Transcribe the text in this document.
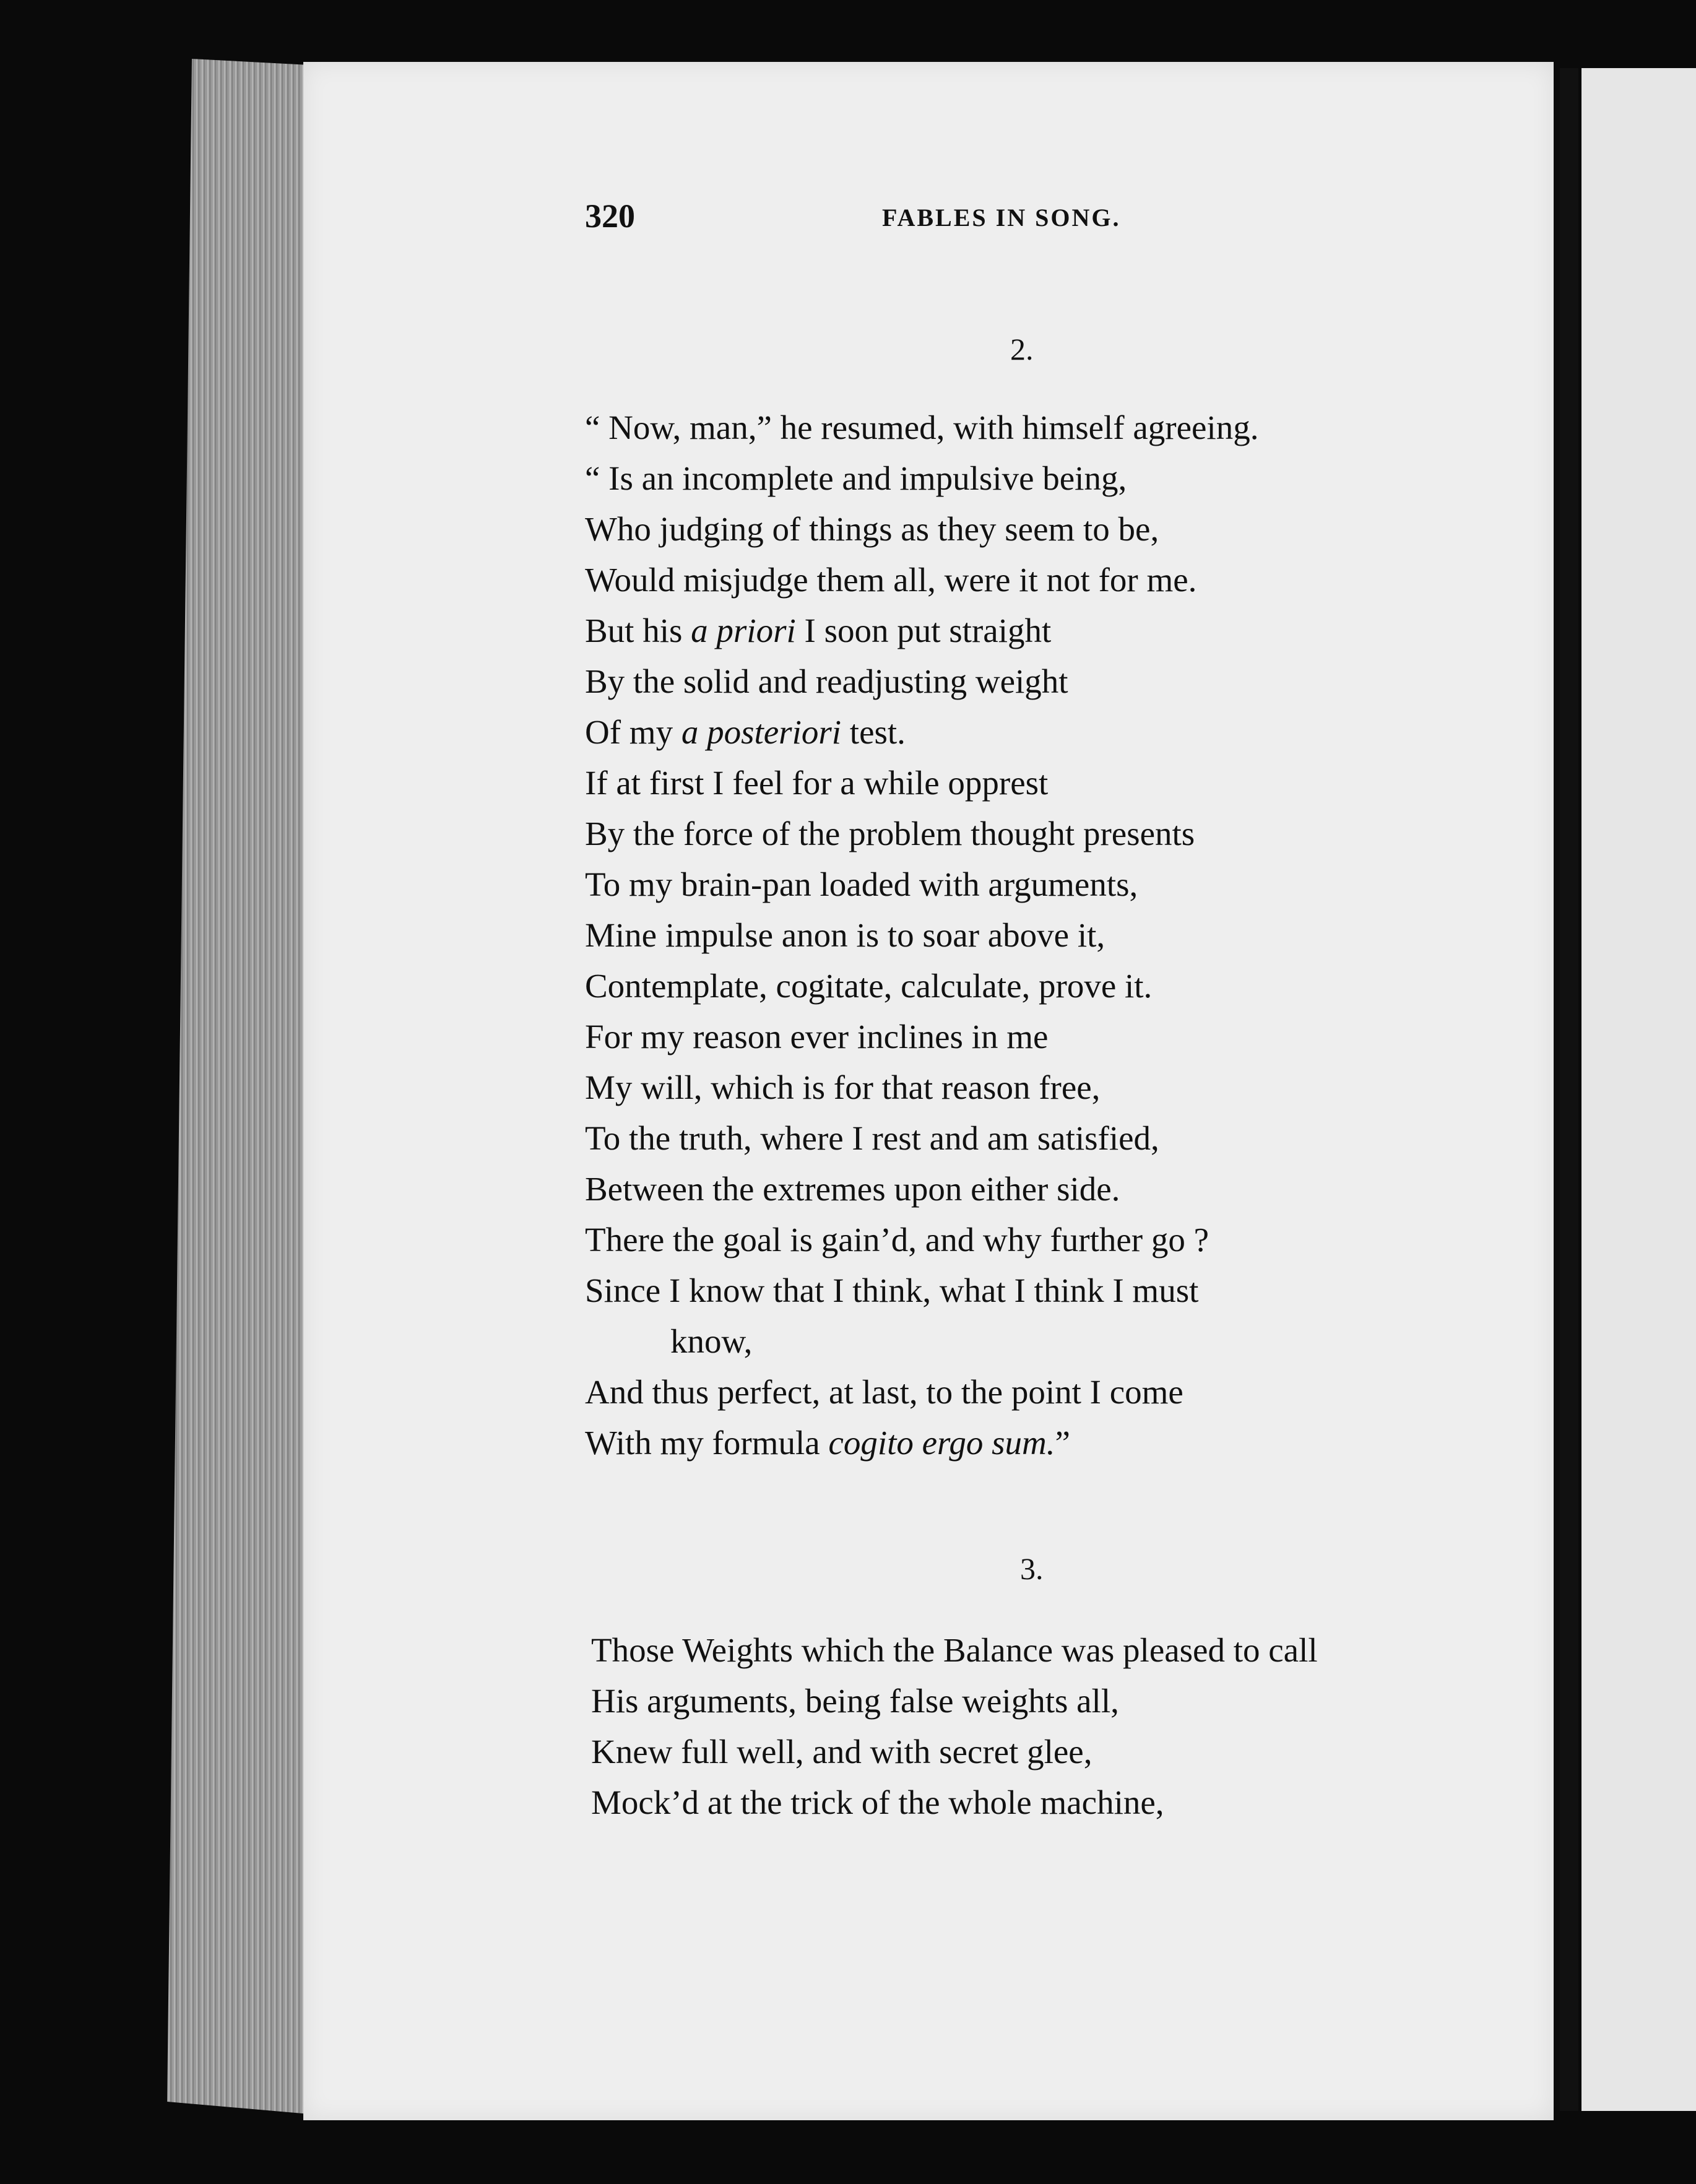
320	FABLES IN SONG.
2.
“ Now, man,” he resumed, with himself agreeing.
“ Is an incomplete and impulsive being,
Who judging of things as they seem to be,
Would misjudge them all, were it not for me.
But his a priori I soon put straight
By the solid and readjusting weight
Of my a posteriori test.
If at first I feel for a while opprest
By the force of the problem thought presents
To my brain-pan loaded with arguments,
Mine impulse anon is to soar above it,
Contemplate, cogitate, calculate, prove it.
For my reason ever inclines in me
My will, which is for that reason free,
To the truth, where I rest and am satisfied,
Between the extremes upon either side.
There the goal is gain’d, and why further go ?
Since I know that I think, what I think I must
know,
And thus perfect, at last, to the point I come
With my formula cogito ergo sum.”
3.
Those Weights which the Balance was pleased to call
His arguments, being false weights all,
Knew full well, and with secret glee,
Mock’d at the trick of the whole machine,
